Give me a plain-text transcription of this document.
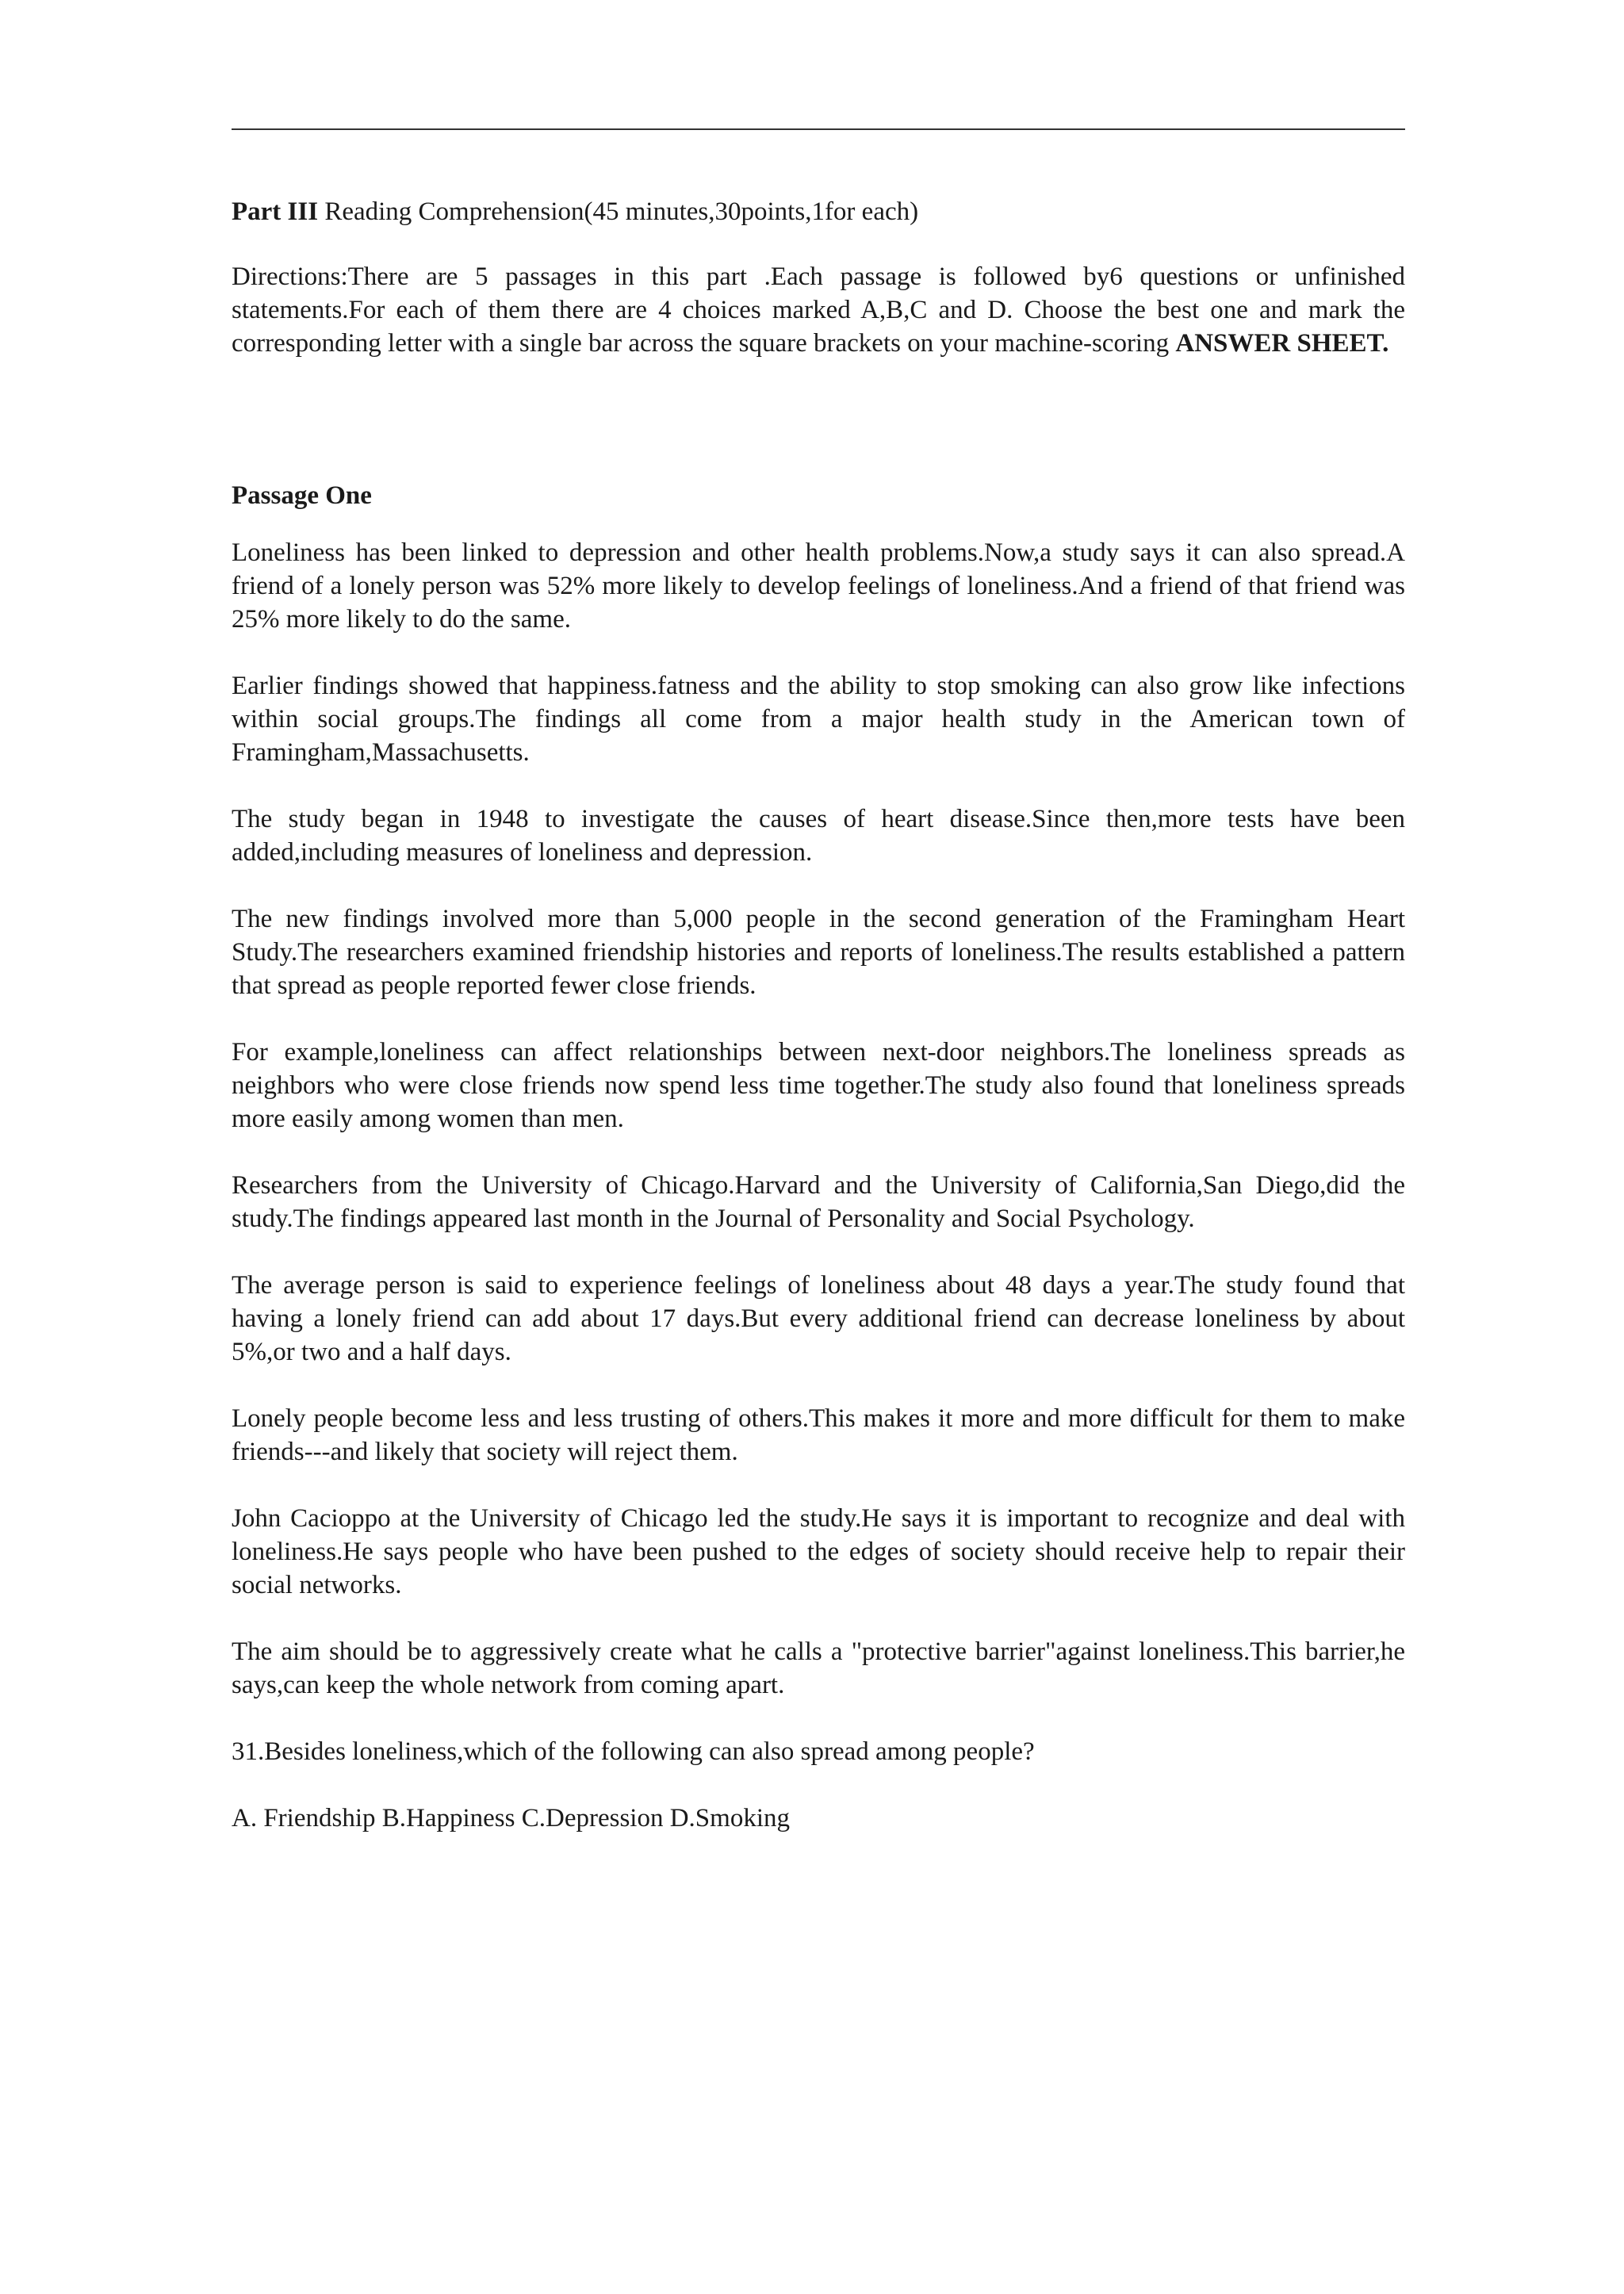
Part III Reading Comprehension(45 minutes,30points,1for each)

Directions:There are 5 passages in this part .Each passage is followed by6 questions or unfinished statements.For each of them there are 4 choices marked A,B,C and D. Choose the best one and mark the corresponding letter with a single bar across the square brackets on your machine-scoring ANSWER SHEET.

Passage One

Loneliness has been linked to depression and other health problems.Now,a study says it can also spread.A friend of a lonely person was 52% more likely to develop feelings of loneliness.And a friend of that friend was 25% more likely to do the same.

Earlier findings showed that happiness.fatness and the ability to stop smoking can also grow like infections within social groups.The findings all come from a major health study in the American town of Framingham,Massachusetts.

The study began in 1948 to investigate the causes of heart disease.Since then,more tests have been added,including measures of loneliness and depression.

The new findings involved more than 5,000 people in the second generation of the Framingham Heart Study.The researchers examined friendship histories and reports of loneliness.The results established a pattern that spread as people reported fewer close friends.

For example,loneliness can affect relationships between next-door neighbors.The loneliness spreads as neighbors who were close friends now spend less time together.The study also found that loneliness spreads more easily among women than men.

Researchers from the University of Chicago.Harvard and the University of California,San Diego,did the study.The findings appeared last month in the Journal of Personality and Social Psychology.

The average person is said to experience feelings of loneliness about 48 days a year.The study found that having a lonely friend can add about 17 days.But every additional friend can decrease loneliness by about 5%,or two and a half days.

Lonely people become less and less trusting of others.This makes it more and more difficult for them to make friends---and likely that society will reject them.

John Cacioppo at the University of Chicago led the study.He says it is important to recognize and deal with loneliness.He says people who have been pushed to the edges of society should receive help to repair their social networks.

The aim should be to aggressively create what he calls a "protective barrier"against loneliness.This barrier,he says,can keep the whole network from coming apart.

31.Besides loneliness,which of the following can also spread among people?

A. Friendship B.Happiness C.Depression D.Smoking
